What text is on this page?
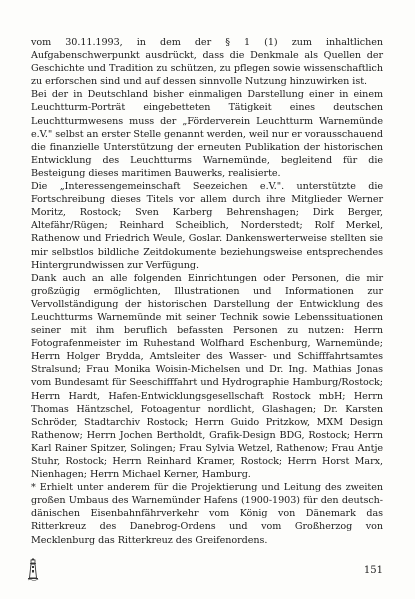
vom 30.11.1993, in dem der § 1 (1) zum inhaltlichen Aufgabenschwerpunkt ausdrückt, dass die Denkmale als Quellen der Geschichte und Tradition zu schützen, zu pflegen sowie wissenschaftlich zu erforschen sind und auf dessen sinnvolle Nutzung hinzuwirken ist.

Bei der in Deutschland bisher einmaligen Darstellung einer in einem Leuchtturm-Porträt eingebetteten Tätigkeit eines deutschen Leuchtturmwesens muss der „Förderverein Leuchtturm Warnemünde e.V." selbst an erster Stelle genannt werden, weil nur er vorausschauend die finanzielle Unterstützung der erneuten Publikation der historischen Entwicklung des Leuchtturms Warnemünde, begleitend für die Besteigung dieses maritimen Bauwerks, realisierte.

Die „Interessengemeinschaft Seezeichen e.V.". unterstützte die Fortschreibung dieses Titels vor allem durch ihre Mitglieder Werner Moritz, Rostock; Sven Karberg Behrenshagen; Dirk Berger, Altefähr/Rügen; Reinhard Scheiblich, Norderstedt; Rolf Merkel, Rathenow und Friedrich Weule, Goslar. Dankenswerterweise stellten sie mir selbstlos bildliche Zeitdokumente beziehungsweise entsprechendes Hintergrundwissen zur Verfügung.

Dank auch an alle folgenden Einrichtungen oder Personen, die mir großzügig ermöglichten, Illustrationen und Informationen zur Vervollständigung der historischen Darstellung der Entwicklung des Leuchtturms Warnemünde mit seiner Technik sowie Lebenssituationen seiner mit ihm beruflich befassten Personen zu nutzen: Herrn Fotografenmeister im Ruhestand Wolfhard Eschenburg, Warnemünde; Herrn Holger Brydda, Amtsleiter des Wasser- und Schifffahrtsamtes Stralsund; Frau Monika Woisin-Michelsen und Dr. Ing. Mathias Jonas vom Bundesamt für Seeschifffahrt und Hydrographie Hamburg/Rostock; Herrn Hardt, Hafen-Entwicklungsgesellschaft Rostock mbH; Herrn Thomas Häntzschel, Fotoagentur nordlicht, Glashagen; Dr. Karsten Schröder, Stadtarchiv Rostock; Herrn Guido Pritzkow, MXM Design Rathenow; Herrn Jochen Bertholdt, Grafik-Design BDG, Rostock; Herrn Karl Rainer Spitzer, Solingen; Frau Sylvia Wetzel, Rathenow; Frau Antje Stuhr, Rostock; Herrn Reinhard Kramer, Rostock; Herrn Horst Marx, Nienhagen; Herrn Michael Kerner, Hamburg.

* Erhielt unter anderem für die Projektierung und Leitung des zweiten großen Umbaus des Warnemünder Hafens (1900-1903) für den deutsch-dänischen Eisenbahnfährverkehr vom König von Dänemark das Ritterkreuz des Danebrog-Ordens und vom Großherzog von Mecklenburg das Ritterkreuz des Greifenordens.

151
